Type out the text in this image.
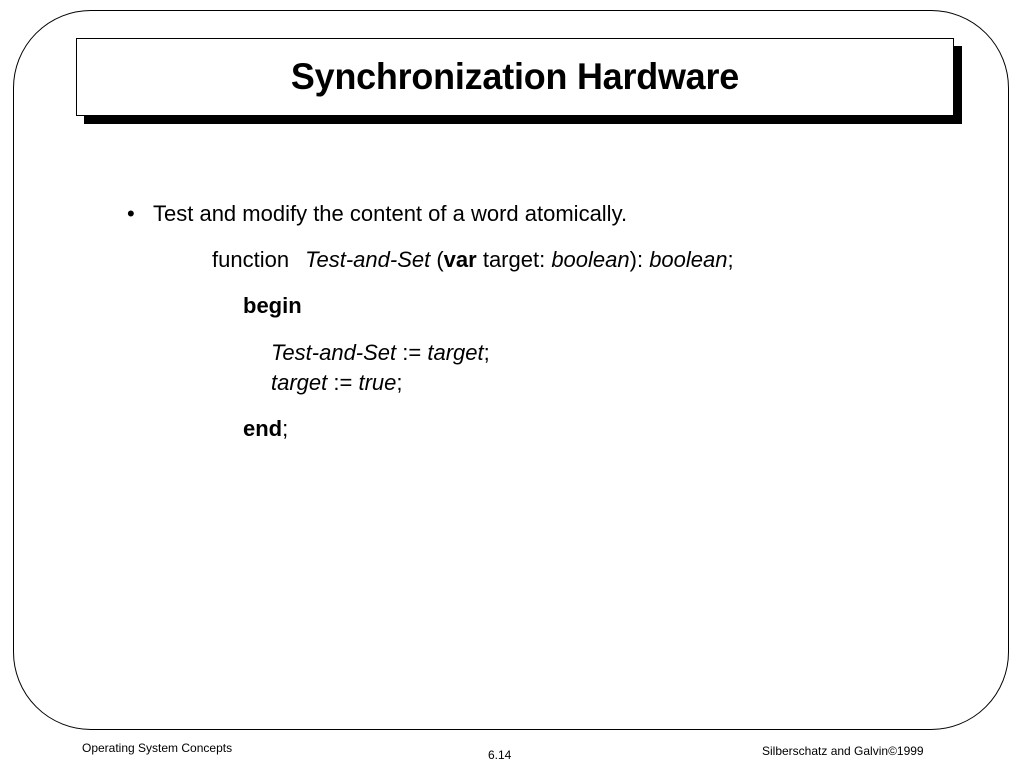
Synchronization Hardware
• Test and modify the content of a word atomically.
function Test-and-Set (var target: boolean): boolean;
begin
Test-and-Set := target;
target := true;
end;
Operating System Concepts	6.14	Silberschatz and Galvin©1999
